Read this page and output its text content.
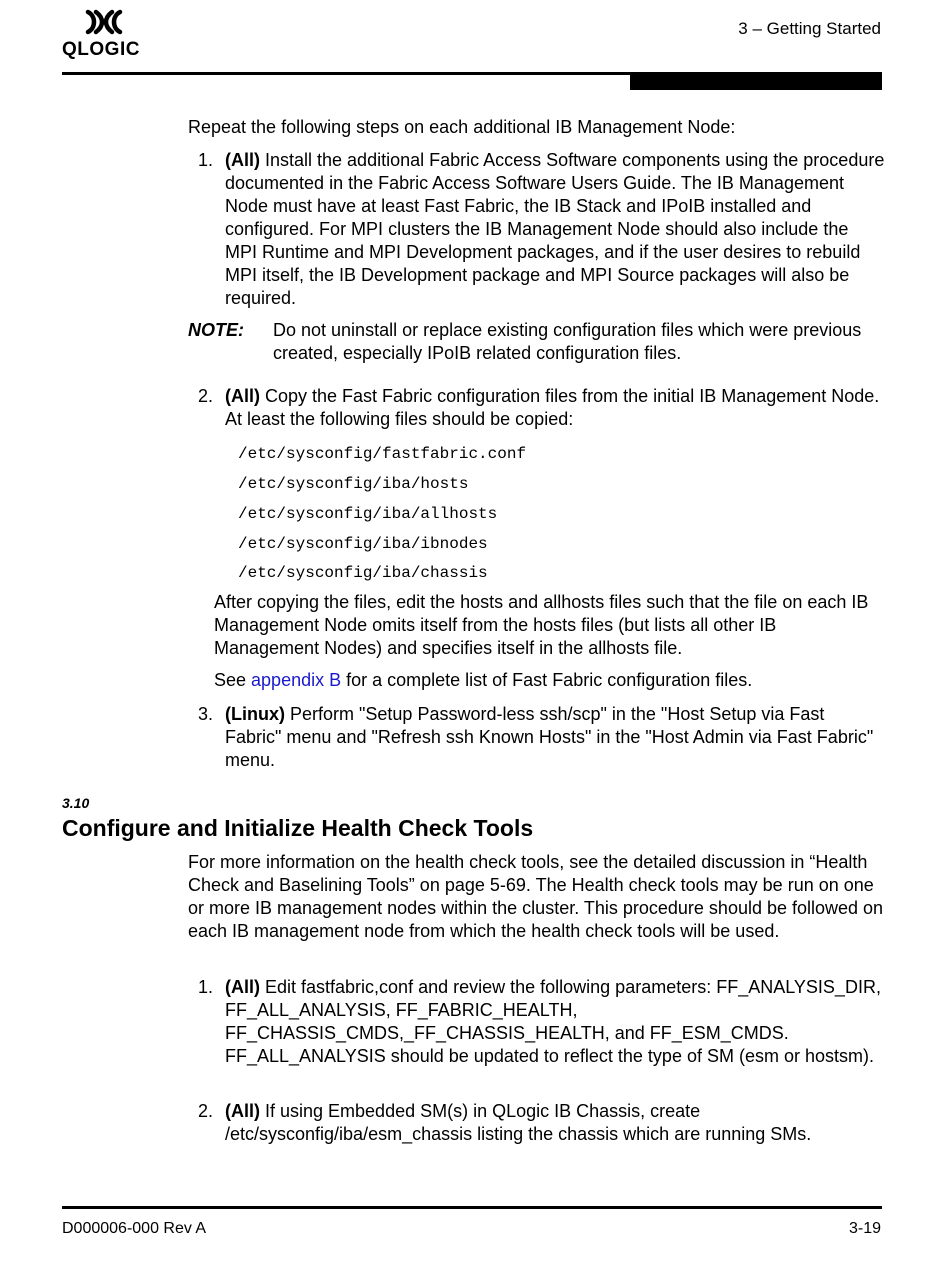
QLOGIC
3 – Getting Started
Repeat the following steps on each additional IB Management Node:
1. (All) Install the additional Fabric Access Software components using the procedure documented in the Fabric Access Software Users Guide. The IB Management Node must have at least Fast Fabric, the IB Stack and IPoIB installed and configured. For MPI clusters the IB Management Node should also include the MPI Runtime and MPI Development packages, and if the user desires to rebuild MPI itself, the IB Development package and MPI Source packages will also be required.
NOTE: Do not uninstall or replace existing configuration files which were previous created, especially IPoIB related configuration files.
2. (All) Copy the Fast Fabric configuration files from the initial IB Management Node. At least the following files should be copied:
/etc/sysconfig/fastfabric.conf
/etc/sysconfig/iba/hosts
/etc/sysconfig/iba/allhosts
/etc/sysconfig/iba/ibnodes
/etc/sysconfig/iba/chassis
After copying the files, edit the hosts and allhosts files such that the file on each IB Management Node omits itself from the hosts files (but lists all other IB Management Nodes) and specifies itself in the allhosts file.
See appendix B for a complete list of Fast Fabric configuration files.
3. (Linux) Perform "Setup Password-less ssh/scp" in the "Host Setup via Fast Fabric" menu and "Refresh ssh Known Hosts" in the "Host Admin via Fast Fabric" menu.
3.10
Configure and Initialize Health Check Tools
For more information on the health check tools, see the detailed discussion in “Health Check and Baselining Tools” on page 5-69. The Health check tools may be run on one or more IB management nodes within the cluster. This procedure should be followed on each IB management node from which the health check tools will be used.
1. (All) Edit fastfabric,conf and review the following parameters: FF_ANALYSIS_DIR, FF_ALL_ANALYSIS, FF_FABRIC_HEALTH, FF_CHASSIS_CMDS,_FF_CHASSIS_HEALTH, and FF_ESM_CMDS. FF_ALL_ANALYSIS should be updated to reflect the type of SM (esm or hostsm).
2. (All) If using Embedded SM(s) in QLogic IB Chassis, create /etc/sysconfig/iba/esm_chassis listing the chassis which are running SMs.
D000006-000 Rev A	3-19
